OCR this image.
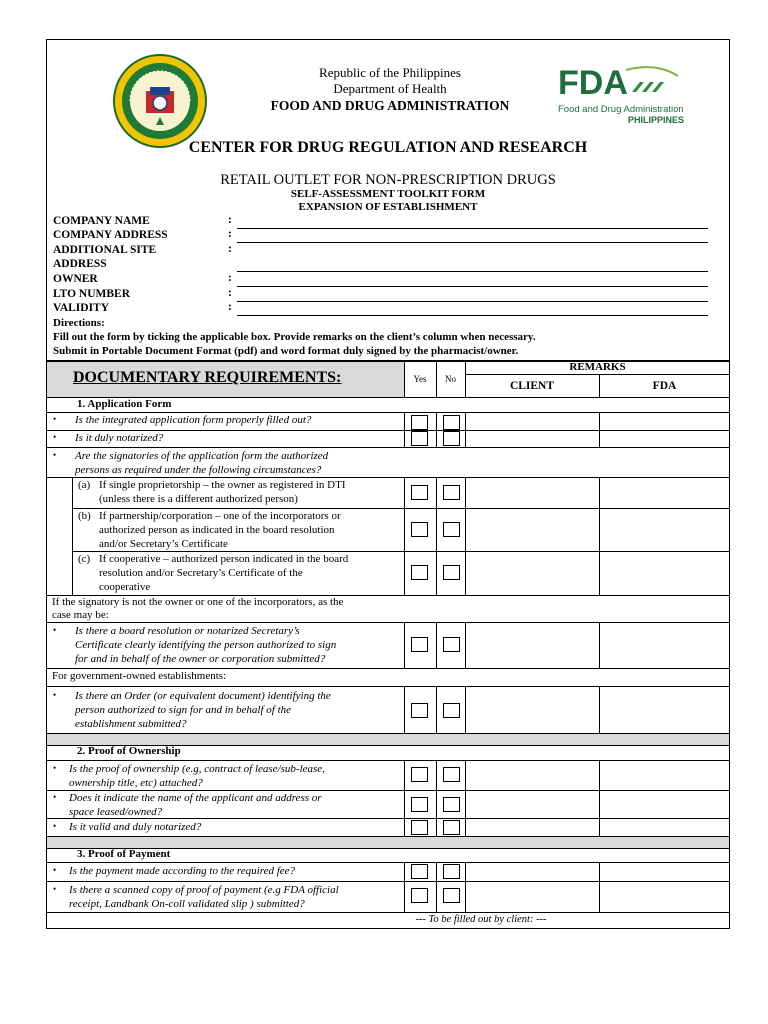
FDA
Food and Drug Administration
PHILIPPINES
Republic of the Philippines
Department of Health
FOOD AND DRUG ADMINISTRATION
CENTER FOR DRUG REGULATION AND RESEARCH
RETAIL OUTLET FOR NON-PRESCRIPTION DRUGS
SELF-ASSESSMENT TOOLKIT FORM
EXPANSION OF ESTABLISHMENT
COMPANY NAME	:
COMPANY ADDRESS	:
ADDITIONAL SITE	:
ADDRESS
OWNER	:
LTO NUMBER	:
VALIDITY	:
Directions:
Fill out the form by ticking the applicable box. Provide remarks on the client’s column when necessary.
Submit in Portable Document Format (pdf) and word format duly signed by the pharmacist/owner.
DOCUMENTARY REQUIREMENTS:	Yes	No
REMARKS
CLIENT	FDA
1. Application Form
• Is the integrated application form properly filled out?
• Is it duly notarized?
• Are the signatories of the application form the authorized
persons as required under the following circumstances?
(a) If single proprietorship – the owner as registered in DTI
(unless there is a different authorized person)
(b) If partnership/corporation – one of the incorporators or
authorized person as indicated in the board resolution
and/or Secretary’s Certificate
(c) If cooperative – authorized person indicated in the board
resolution and/or Secretary’s Certificate of the
cooperative
If the signatory is not the owner or one of the incorporators, as the
case may be:
• Is there a board resolution or notarized Secretary’s
Certificate clearly identifying the person authorized to sign
for and in behalf of the owner or corporation submitted?
For government-owned establishments:
• Is there an Order (or equivalent document) identifying the
person authorized to sign for and in behalf of the
establishment submitted?
2. Proof of Ownership
• Is the proof of ownership (e.g, contract of lease/sub-lease,
ownership title, etc) attached?
• Does it indicate the name of the applicant and address or
space leased/owned?
• Is it valid and duly notarized?
3. Proof of Payment
• Is the payment made according to the required fee?
• Is there a scanned copy of proof of payment (e.g FDA official
receipt, Landbank On-coll validated slip ) submitted?
--- To be filled out by client: ---
